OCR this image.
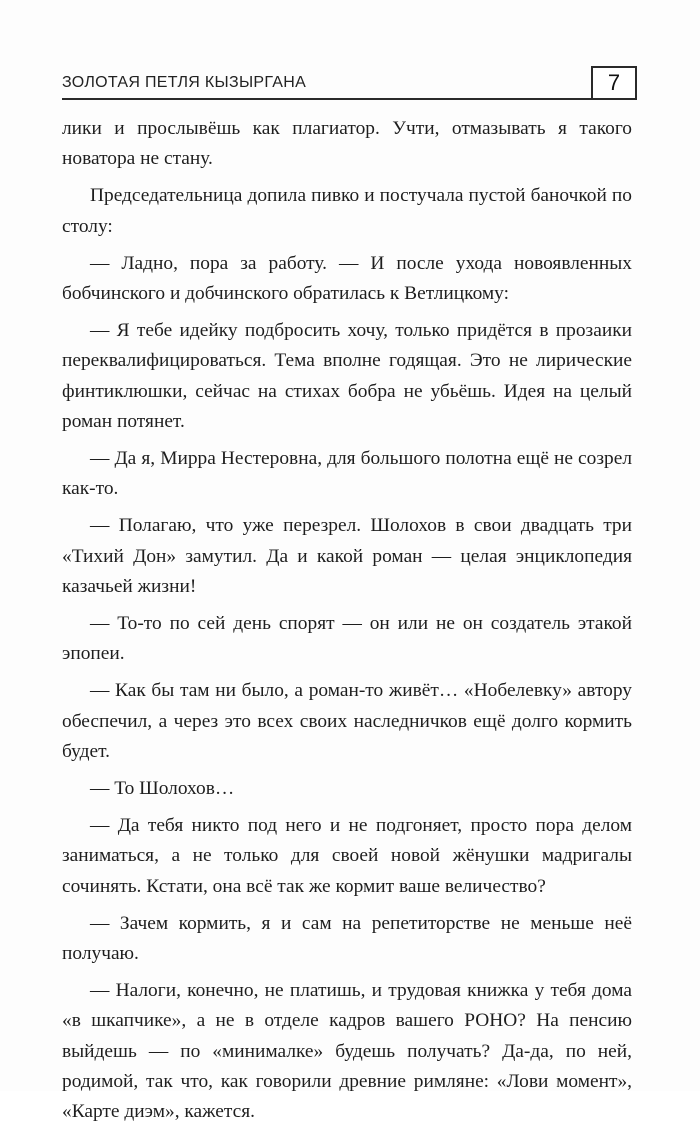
ЗОЛОТАЯ ПЕТЛЯ КЫЗЫРГАНА	7

лики и прослывёшь как плагиатор. Учти, отмазывать я такого новатора не стану.

Председательница допила пивко и постучала пустой баночкой по столу:

— Ладно, пора за работу. — И после ухода новоявленных бобчинского и добчинского обратилась к Ветлицкому:

— Я тебе идейку подбросить хочу, только придётся в прозаики переквалифицироваться. Тема вполне годящая. Это не лирические финтиклюшки, сейчас на стихах бобра не убьёшь. Идея на целый роман потянет.

— Да я, Мирра Нестеровна, для большого полотна ещё не созрел как-то.

— Полагаю, что уже перезрел. Шолохов в свои двадцать три «Тихий Дон» замутил. Да и какой роман — целая энциклопедия казачьей жизни!

— То-то по сей день спорят — он или не он создатель этакой эпопеи.

— Как бы там ни было, а роман-то живёт… «Нобелевку» автору обеспечил, а через это всех своих наследничков ещё долго кормить будет.

— То Шолохов…

— Да тебя никто под него и не подгоняет, просто пора делом заниматься, а не только для своей новой жёнушки мадригалы сочинять. Кстати, она всё так же кормит ваше величество?

— Зачем кормить, я и сам на репетиторстве не меньше неё получаю.

— Налоги, конечно, не платишь, и трудовая книжка у тебя дома «в шкапчике», а не в отделе кадров вашего РОНО? На пенсию выйдешь — по «минималке» будешь получать? Да-да, по ней, родимой, так что, как говорили древние римляне: «Лови момент», «Карте диэм», кажется.
